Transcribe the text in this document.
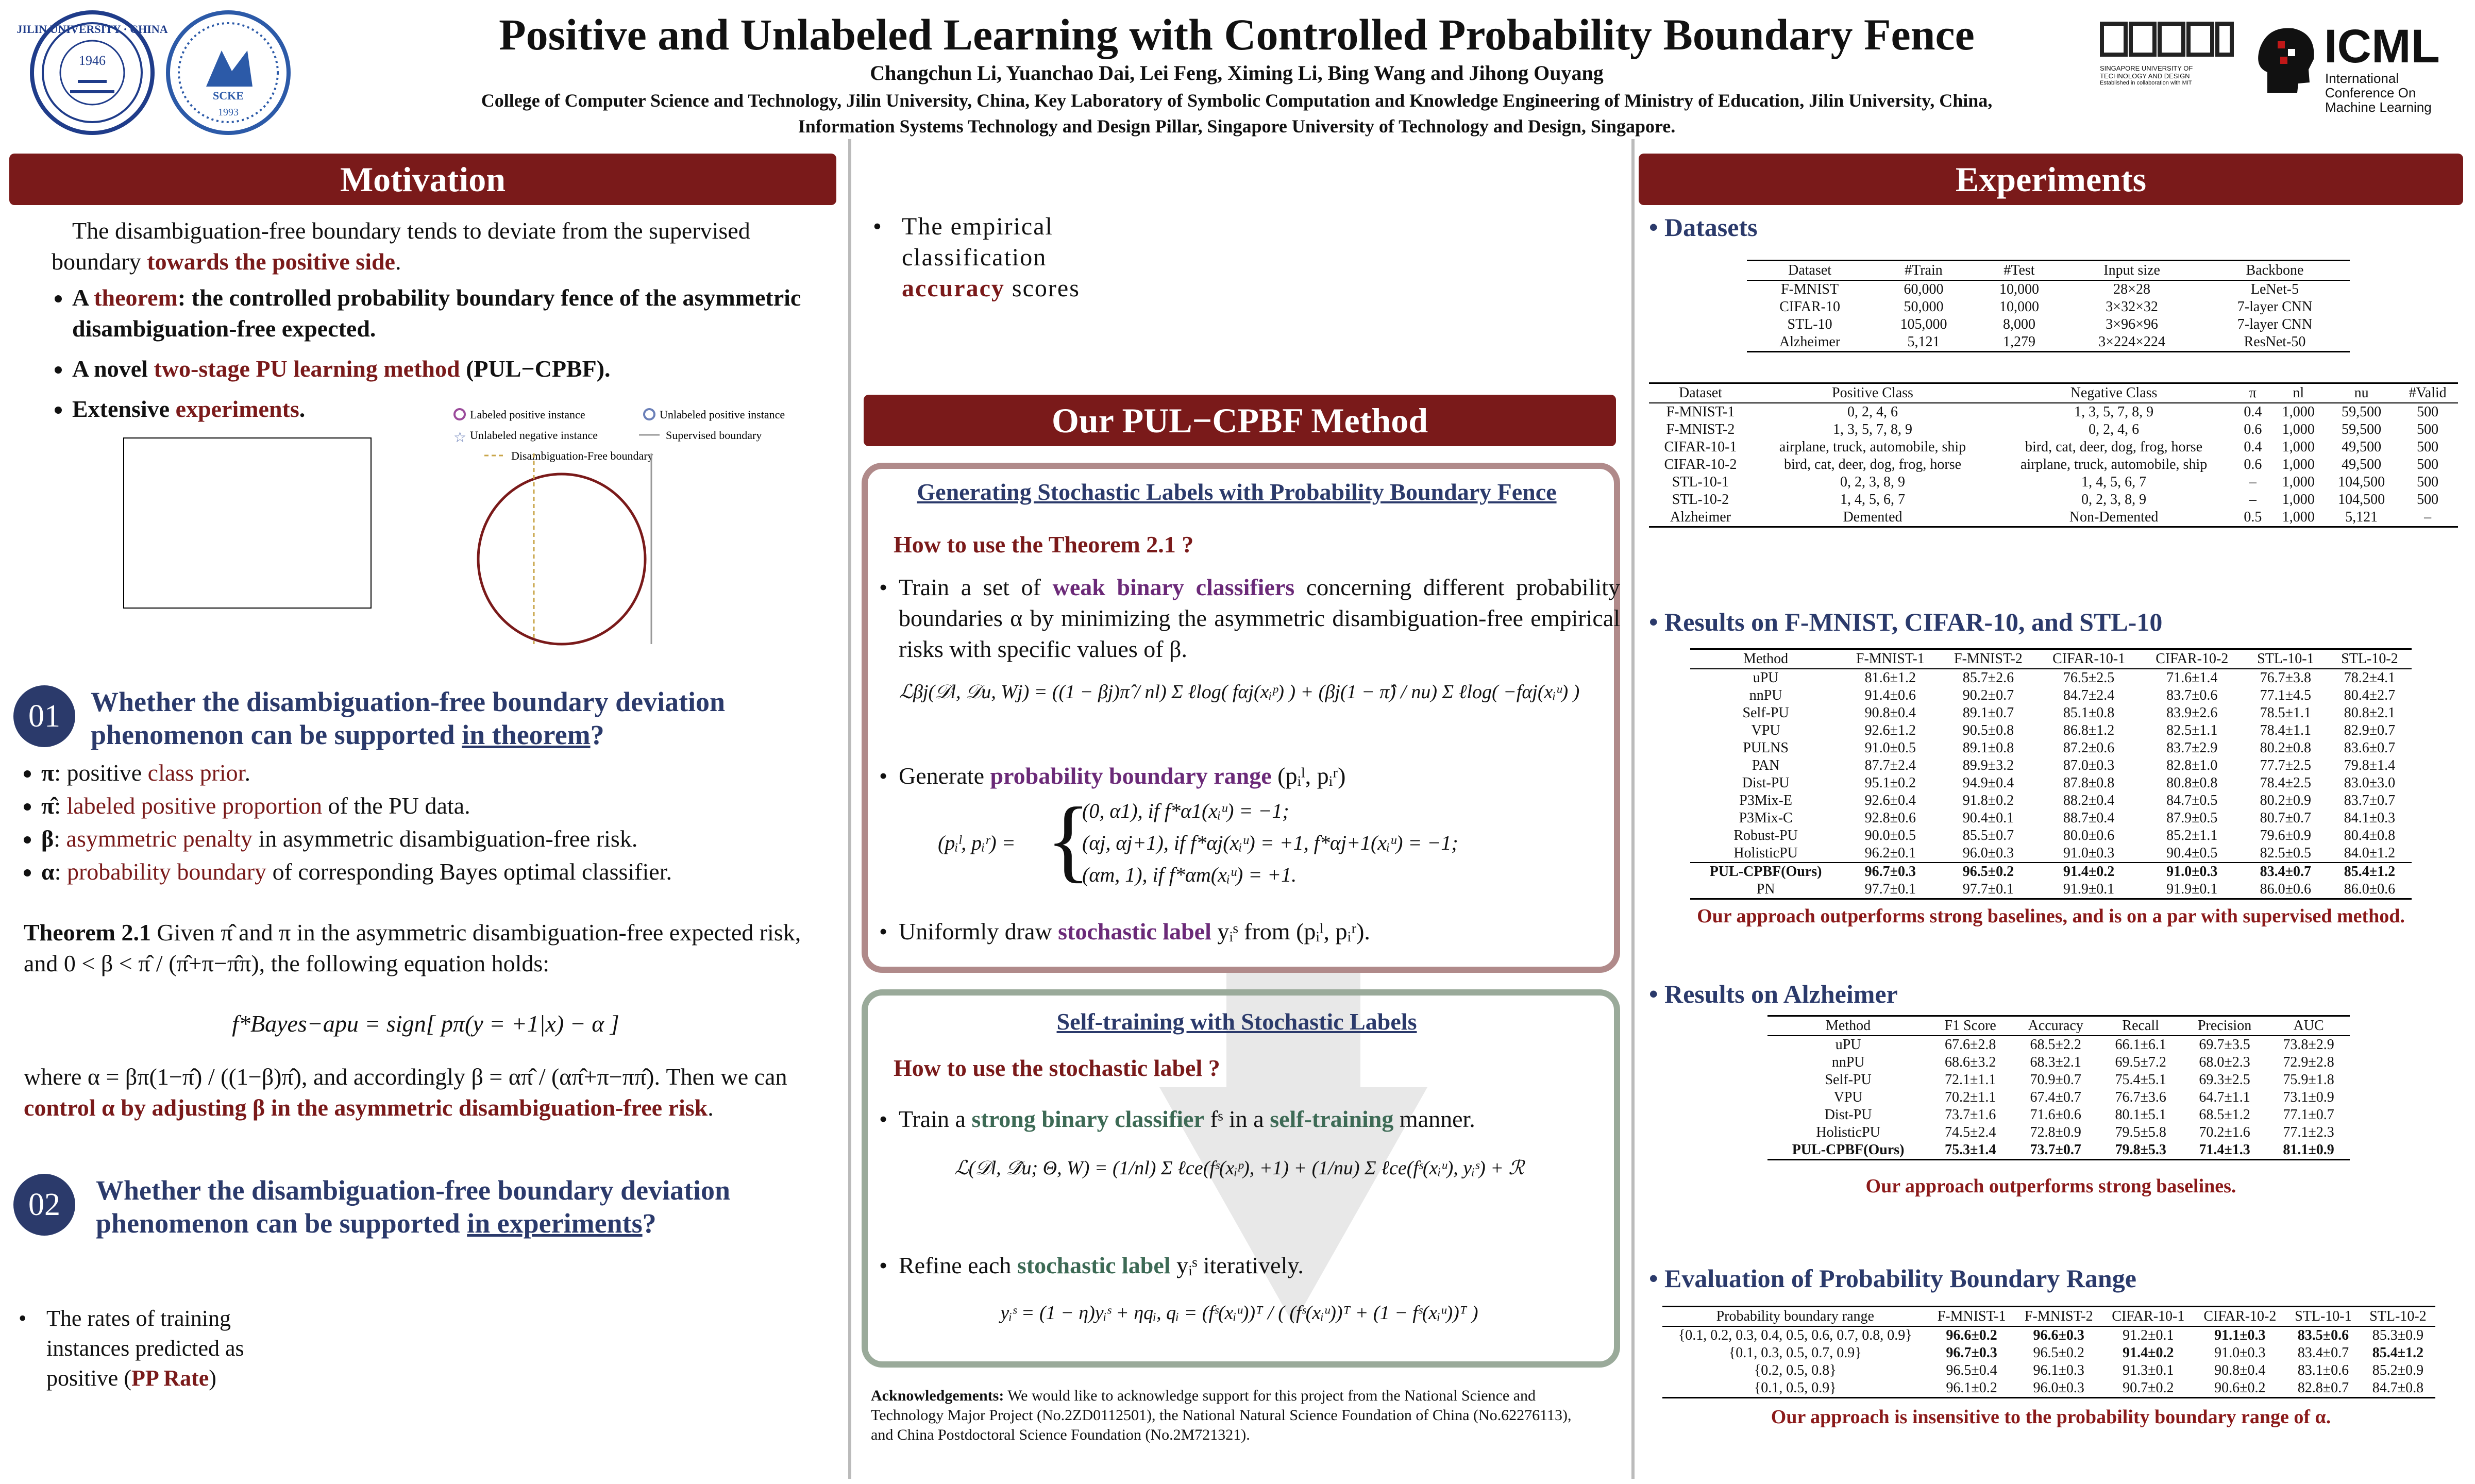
JILIN UNIVERSITY · CHINA
1946
SCKE
1993
Positive and Unlabeled Learning with Controlled Probability Boundary Fence
Changchun Li, Yuanchao Dai, Lei Feng, Ximing Li, Bing Wang and Jihong Ouyang
College of Computer Science and Technology, Jilin University, China, Key Laboratory of Symbolic Computation and Knowledge Engineering of Ministry of Education, Jilin University, China,
Information Systems Technology and Design Pillar, Singapore University of Technology and Design, Singapore.
SINGAPORE UNIVERSITY OF TECHNOLOGY AND DESIGN
Established in collaboration with MIT
ICML
International Conference On Machine Learning
Motivation
The disambiguation-free boundary tends to deviate from the supervised boundary towards the positive side.
• A theorem: the controlled probability boundary fence of the asymmetric disambiguation-free expected.
• A novel two-stage PU learning method (PUL−CPBF).
• Extensive experiments.	Labeled positive instance	Unlabeled positive instance
☆ Unlabeled negative instance	Supervised boundary
Disambiguation-Free boundary
01	Whether the disambiguation-free boundary deviation phenomenon can be supported in theorem?
• π: positive class prior.
• π̂: labeled positive proportion of the PU data.
• β: asymmetric penalty in asymmetric disambiguation-free risk.
• α: probability boundary of corresponding Bayes optimal classifier.
Theorem 2.1 Given π̂ and π in the asymmetric disambiguation-free expected risk, and 0 < β < π̂ / (π̂+π−π̂π), the following equation holds:
f*Bayes−apu = sign[ pπ(y = +1|x) − α ]
where α = βπ(1−π̂) / ((1−β)π̂), and accordingly β = απ̂ / (απ̂+π−ππ̂). Then we can control α by adjusting β in the asymmetric disambiguation-free risk.
02	Whether the disambiguation-free boundary deviation phenomenon can be supported in experiments?
• The rates of training instances predicted as positive (PP Rate)
• The empirical classification accuracy scores
Our PUL−CPBF Method
Generating Stochastic Labels with Probability Boundary Fence
How to use the Theorem 2.1 ?
• Train a set of weak binary classifiers concerning different probability boundaries α by minimizing the asymmetric disambiguation-free empirical risks with specific values of β.
ℒβj(𝒟l, 𝒟u, Wj) = ((1 − βj)π̂ / nl) Σ ℓlog( fαj(xᵢᵖ) ) + (βj(1 − π̂) / nu) Σ ℓlog( −fαj(xᵢᵘ) )
• Generate probability boundary range (pᵢˡ, pᵢʳ)
(pᵢˡ, pᵢʳ) = {
(0, α1), if f*α1(xᵢᵘ) = −1;
(αj, αj+1), if f*αj(xᵢᵘ) = +1, f*αj+1(xᵢᵘ) = −1;
(αm, 1), if f*αm(xᵢᵘ) = +1.
• Uniformly draw stochastic label yᵢˢ from (pᵢˡ, pᵢʳ).
Self-training with Stochastic Labels
How to use the stochastic label ?
• Train a strong binary classifier fˢ in a self-training manner.
ℒ(𝒟l, 𝒟̂u; Θ, W) = (1/nl) Σ ℓce(fˢ(xᵢᵖ), +1) + (1/nu) Σ ℓce(fˢ(xᵢᵘ), yᵢˢ) + ℛ
• Refine each stochastic label yᵢˢ iteratively.
yᵢˢ = (1 − η)yᵢˢ + ηqᵢ, qᵢ = (fˢ(xᵢᵘ))ᵀ / ( (fˢ(xᵢᵘ))ᵀ + (1 − fˢ(xᵢᵘ))ᵀ )
Acknowledgements: We would like to acknowledge support for this project from the National Science and Technology Major Project (No.2ZD0112501), the National Natural Science Foundation of China (No.62276113), and China Postdoctoral Science Foundation (No.2M721321).
Experiments
• Datasets
Dataset	#Train	#Test	Input size	Backbone
F-MNIST	60,000	10,000	28×28	LeNet-5
CIFAR-10	50,000	10,000	3×32×32	7-layer CNN
STL-10	105,000	8,000	3×96×96	7-layer CNN
Alzheimer	5,121	1,279	3×224×224	ResNet-50
Dataset	Positive Class	Negative Class	π	nl	nu	#Valid
F-MNIST-1	0, 2, 4, 6	1, 3, 5, 7, 8, 9	0.4	1,000	59,500	500
F-MNIST-2	1, 3, 5, 7, 8, 9	0, 2, 4, 6	0.6	1,000	59,500	500
CIFAR-10-1	airplane, truck, automobile, ship	bird, cat, deer, dog, frog, horse	0.4	1,000	49,500	500
CIFAR-10-2	bird, cat, deer, dog, frog, horse	airplane, truck, automobile, ship	0.6	1,000	49,500	500
STL-10-1	0, 2, 3, 8, 9	1, 4, 5, 6, 7	–	1,000	104,500	500
STL-10-2	1, 4, 5, 6, 7	0, 2, 3, 8, 9	–	1,000	104,500	500
Alzheimer	Demented	Non-Demented	0.5	1,000	5,121	–
• Results on F-MNIST, CIFAR-10, and STL-10
Method	F-MNIST-1	F-MNIST-2	CIFAR-10-1	CIFAR-10-2	STL-10-1	STL-10-2
uPU	81.6±1.2	85.7±2.6	76.5±2.5	71.6±1.4	76.7±3.8	78.2±4.1
nnPU	91.4±0.6	90.2±0.7	84.7±2.4	83.7±0.6	77.1±4.5	80.4±2.7
Self-PU	90.8±0.4	89.1±0.7	85.1±0.8	83.9±2.6	78.5±1.1	80.8±2.1
VPU	92.6±1.2	90.5±0.8	86.8±1.2	82.5±1.1	78.4±1.1	82.9±0.7
PULNS	91.0±0.5	89.1±0.8	87.2±0.6	83.7±2.9	80.2±0.8	83.6±0.7
PAN	87.7±2.4	89.9±3.2	87.0±0.3	82.8±1.0	77.7±2.5	79.8±1.4
Dist-PU	95.1±0.2	94.9±0.4	87.8±0.8	80.8±0.8	78.4±2.5	83.0±3.0
P3Mix-E	92.6±0.4	91.8±0.2	88.2±0.4	84.7±0.5	80.2±0.9	83.7±0.7
P3Mix-C	92.8±0.6	90.4±0.1	88.7±0.4	87.9±0.5	80.7±0.7	84.1±0.3
Robust-PU	90.0±0.5	85.5±0.7	80.0±0.6	85.2±1.1	79.6±0.9	80.4±0.8
HolisticPU	96.2±0.1	96.0±0.3	91.0±0.3	90.4±0.5	82.5±0.5	84.0±1.2
PUL-CPBF(Ours)	96.7±0.3	96.5±0.2	91.4±0.2	91.0±0.3	83.4±0.7	85.4±1.2
PN	97.7±0.1	97.7±0.1	91.9±0.1	91.9±0.1	86.0±0.6	86.0±0.6
Our approach outperforms strong baselines, and is on a par with supervised method.
• Results on Alzheimer
Method	F1 Score	Accuracy	Recall	Precision	AUC
uPU	67.6±2.8	68.5±2.2	66.1±6.1	69.7±3.5	73.8±2.9
nnPU	68.6±3.2	68.3±2.1	69.5±7.2	68.0±2.3	72.9±2.8
Self-PU	72.1±1.1	70.9±0.7	75.4±5.1	69.3±2.5	75.9±1.8
VPU	70.2±1.1	67.4±0.7	76.7±3.6	64.7±1.1	73.1±0.9
Dist-PU	73.7±1.6	71.6±0.6	80.1±5.1	68.5±1.2	77.1±0.7
HolisticPU	74.5±2.4	72.8±0.9	79.5±5.8	70.2±1.6	77.1±2.3
PUL-CPBF(Ours)	75.3±1.4	73.7±0.7	79.8±5.3	71.4±1.3	81.1±0.9
Our approach outperforms strong baselines.
• Evaluation of Probability Boundary Range
Probability boundary range	F-MNIST-1	F-MNIST-2	CIFAR-10-1	CIFAR-10-2	STL-10-1	STL-10-2
{0.1, 0.2, 0.3, 0.4, 0.5, 0.6, 0.7, 0.8, 0.9}	96.6±0.2	96.6±0.3	91.2±0.1	91.1±0.3	83.5±0.6	85.3±0.9
{0.1, 0.3, 0.5, 0.7, 0.9}	96.7±0.3	96.5±0.2	91.4±0.2	91.0±0.3	83.4±0.7	85.4±1.2
{0.2, 0.5, 0.8}	96.5±0.4	96.1±0.3	91.3±0.1	90.8±0.4	83.1±0.6	85.2±0.9
{0.1, 0.5, 0.9}	96.1±0.2	96.0±0.3	90.7±0.2	90.6±0.2	82.8±0.7	84.7±0.8
Our approach is insensitive to the probability boundary range of α.
